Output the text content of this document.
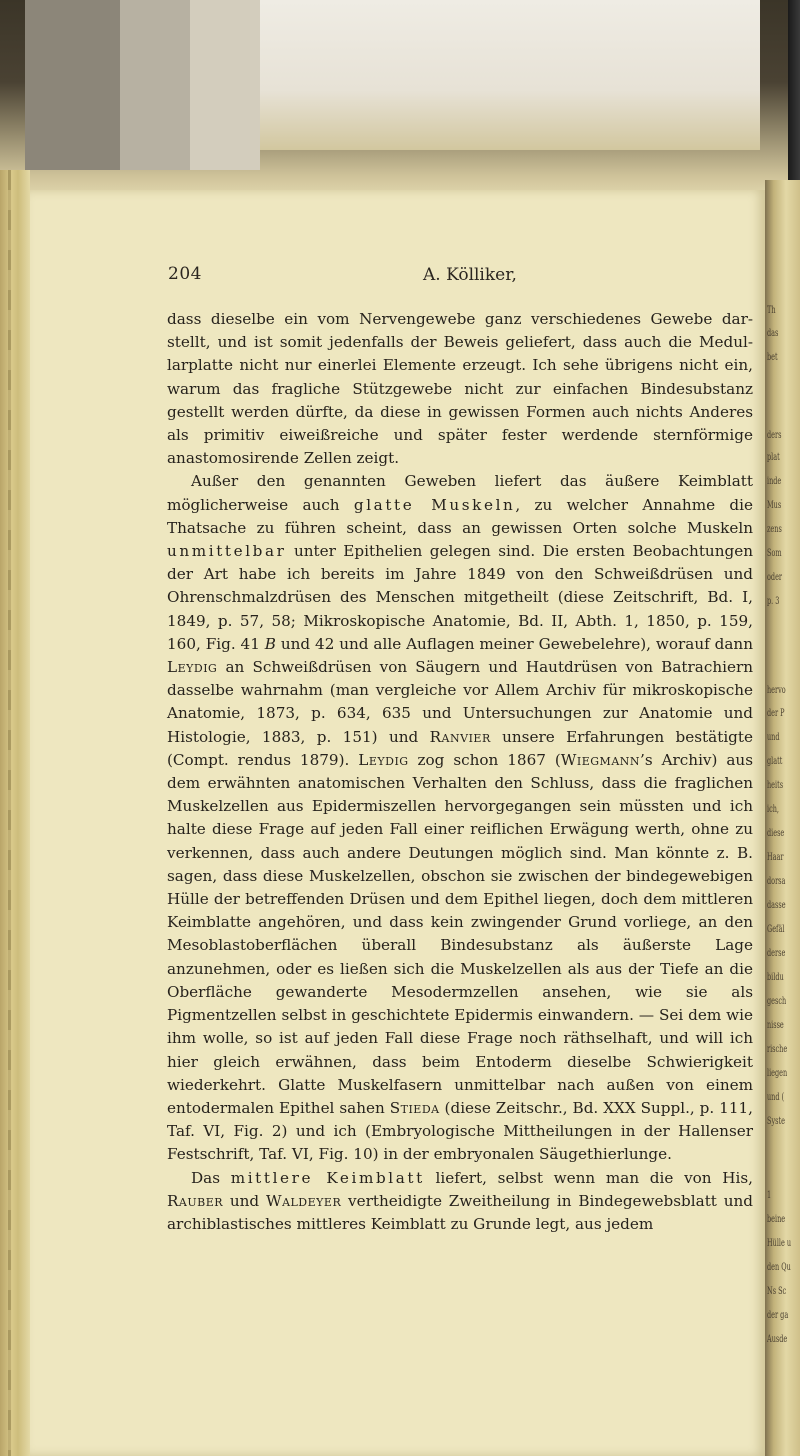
Th
das
bet
ders
plat
inde
Mus
zens
Som
oder
p. 3
hervo
der P
und
glatt
heits
ich,
diese
Haar
dorsa
dasse
Gefäl
derse
bildu
gesch
nisse
rische
liegen
und (
Syste
1
beine
Hülle u
den Qu
Ns Sc
der ga
Ausde
204	A. Kölliker,

dass dieselbe ein vom Nervengewebe ganz verschiedenes Gewebe darstellt, und ist somit jedenfalls der Beweis geliefert, dass auch die Medullarplatte nicht nur einerlei Elemente erzeugt. Ich sehe übrigens nicht ein, warum das fragliche Stützgewebe nicht zur einfachen Bindesubstanz gestellt werden dürfte, da diese in gewissen Formen auch nichts Anderes als primitiv eiweißreiche und später fester werdende sternförmige anastomosirende Zellen zeigt.

Außer den genannten Geweben liefert das äußere Keimblatt möglicherweise auch glatte Muskeln, zu welcher Annahme die Thatsache zu führen scheint, dass an gewissen Orten solche Muskeln unmittelbar unter Epithelien gelegen sind. Die ersten Beobachtungen der Art habe ich bereits im Jahre 1849 von den Schweißdrüsen und Ohrenschmalzdrüsen des Menschen mitgetheilt (diese Zeitschrift, Bd. I, 1849, p. 57, 58; Mikroskopische Anatomie, Bd. II, Abth. 1, 1850, p. 159, 160, Fig. 41 B und 42 und alle Auflagen meiner Gewebelehre), worauf dann Leydig an Schweißdrüsen von Säugern und Hautdrüsen von Batrachiern dasselbe wahrnahm (man vergleiche vor Allem Archiv für mikroskopische Anatomie, 1873, p. 634, 635 und Untersuchungen zur Anatomie und Histologie, 1883, p. 151) und Ranvier unsere Erfahrungen bestätigte (Compt. rendus 1879). Leydig zog schon 1867 (Wiegmann’s Archiv) aus dem erwähnten anatomischen Verhalten den Schluss, dass die fraglichen Muskelzellen aus Epidermiszellen hervorgegangen sein müssten und ich halte diese Frage auf jeden Fall einer reiflichen Erwägung werth, ohne zu verkennen, dass auch andere Deutungen möglich sind. Man könnte z. B. sagen, dass diese Muskelzellen, obschon sie zwischen der bindegewebigen Hülle der betreffenden Drüsen und dem Epithel liegen, doch dem mittleren Keimblatte angehören, und dass kein zwingender Grund vorliege, an den Mesoblastoberflächen überall Bindesubstanz als äußerste Lage anzunehmen, oder es ließen sich die Muskelzellen als aus der Tiefe an die Oberfläche gewanderte Mesodermzellen ansehen, wie sie als Pigmentzellen selbst in geschichtete Epidermis einwandern. — Sei dem wie ihm wolle, so ist auf jeden Fall diese Frage noch räthselhaft, und will ich hier gleich erwähnen, dass beim Entoderm dieselbe Schwierigkeit wiederkehrt. Glatte Muskelfasern unmittelbar nach außen von einem entodermalen Epithel sahen Stieda (diese Zeitschr., Bd. XXX Suppl., p. 111, Taf. VI, Fig. 2) und ich (Embryologische Mittheilungen in der Hallenser Festschrift, Taf. VI, Fig. 10) in der embryonalen Säugethierlunge.

Das mittlere Keimblatt liefert, selbst wenn man die von His, Rauber und Waldeyer vertheidigte Zweitheilung in Bindegewebsblatt und archiblastisches mittleres Keimblatt zu Grunde legt, aus jedem
